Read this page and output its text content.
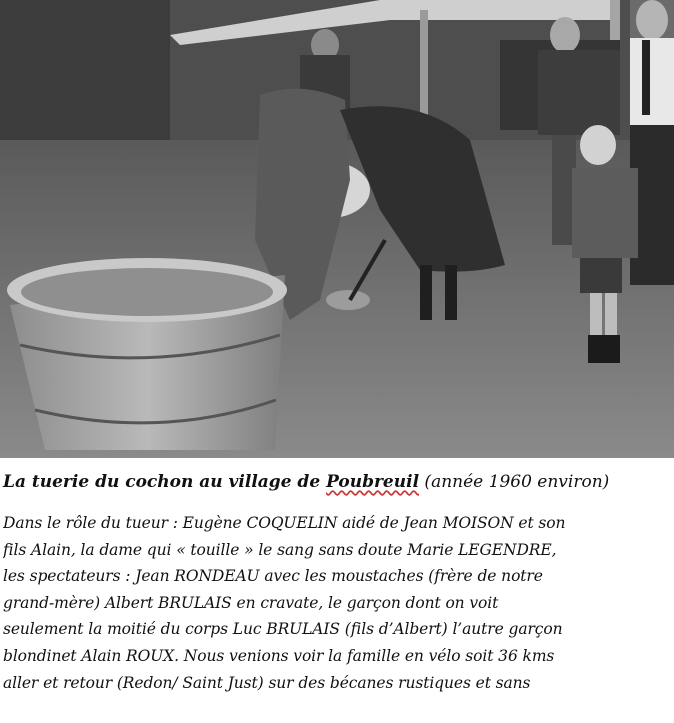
La tuerie du cochon au village de Poubreuil (année 1960 environ)
Dans le rôle du tueur : Eugène COQUELIN aidé de Jean MOISON et son
fils Alain, la dame qui « touille » le sang sans doute Marie LEGENDRE,
les spectateurs : Jean RONDEAU avec les moustaches (frère de notre
grand-mère) Albert BRULAIS en cravate, le garçon dont on voit
seulement la moitié du corps Luc BRULAIS (fils d’Albert) l’autre garçon
blondinet Alain ROUX. Nous venions voir la famille en vélo soit 36 kms
aller et retour (Redon/ Saint Just) sur des bécanes rustiques et sans
